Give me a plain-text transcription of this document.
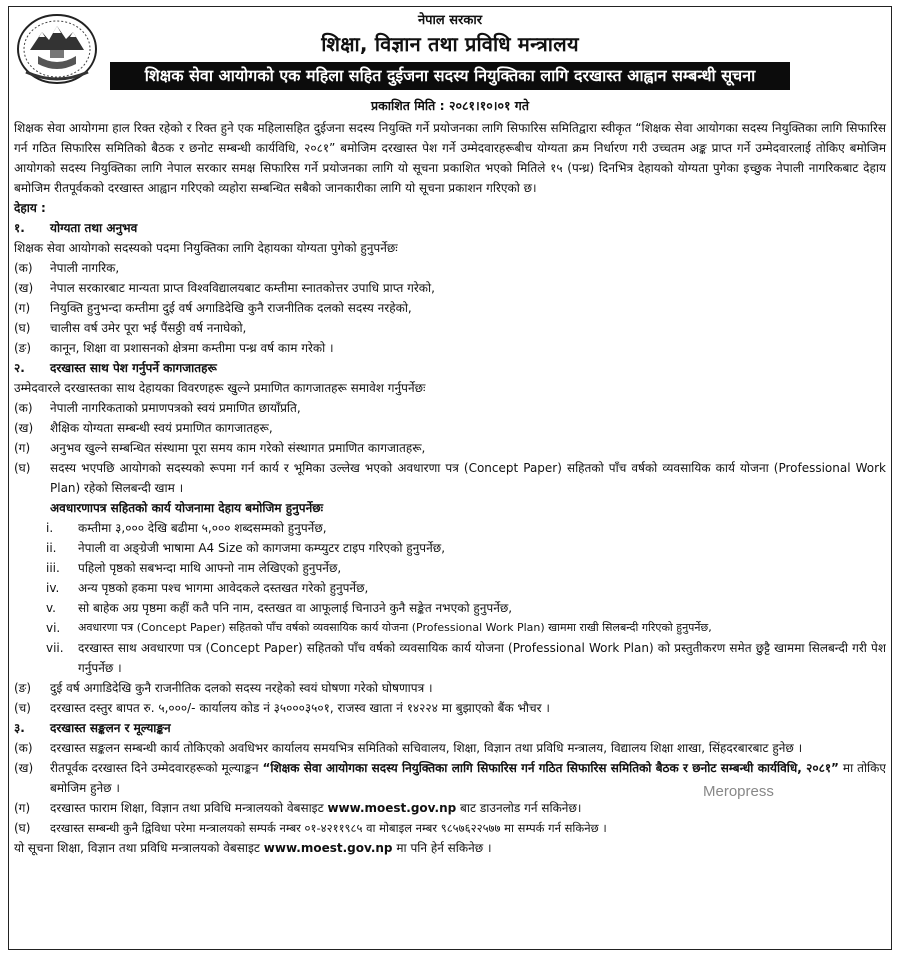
नेपाल सरकार
शिक्षा, विज्ञान तथा प्रविधि मन्त्रालय
शिक्षक सेवा आयोगको एक महिला सहित दुईजना सदस्य नियुक्तिका लागि दरखास्त आह्वान सम्बन्धी सूचना
प्रकाशित मिति : २०८१।१०।०१ गते
शिक्षक सेवा आयोगमा हाल रिक्त रहेको र रिक्त हुने एक महिलासहित दुईजना सदस्य नियुक्ति गर्ने प्रयोजनका लागि सिफारिस समितिद्वारा स्वीकृत “शिक्षक सेवा आयोगका सदस्य नियुक्तिका लागि सिफारिस गर्न गठित सिफारिस समितिको बैठक र छनोट सम्बन्धी कार्यविधि, २०८१” बमोजिम दरखास्त पेश गर्ने उम्मेदवारहरूबीच योग्यता क्रम निर्धारण गरी उच्चतम अङ्क प्राप्त गर्ने उम्मेदवारलाई तोकिए बमोजिम आयोगको सदस्य नियुक्तिका लागि नेपाल सरकार समक्ष सिफारिस गर्ने प्रयोजनका लागि यो सूचना प्रकाशित भएको मितिले १५ (पन्ध्र) दिनभित्र देहायको योग्यता पुगेका इच्छुक नेपाली नागरिकबाट देहाय बमोजिम रीतपूर्वकको दरखास्त आह्वान गरिएको व्यहोरा सम्बन्धित सबैको जानकारीका लागि यो सूचना प्रकाशन गरिएको छ।
देहाय :
१.	योग्यता तथा अनुभव
शिक्षक सेवा आयोगको सदस्यको पदमा नियुक्तिका लागि देहायका योग्यता पुगेको हुनुपर्नेछः
(क)	नेपाली नागरिक,
(ख)	नेपाल सरकारबाट मान्यता प्राप्त विश्वविद्यालयबाट कम्तीमा स्नातकोत्तर उपाधि प्राप्त गरेको,
(ग)	नियुक्ति हुनुभन्दा कम्तीमा दुई वर्ष अगाडिदेखि कुनै राजनीतिक दलको सदस्य नरहेको,
(घ)	चालीस वर्ष उमेर पूरा भई पैंसठ्ठी वर्ष ननाघेको,
(ङ)	कानून, शिक्षा वा प्रशासनको क्षेत्रमा कम्तीमा पन्ध्र वर्ष काम गरेको ।
२.	दरखास्त साथ पेश गर्नुपर्ने कागजातहरू
उम्मेदवारले दरखास्तका साथ देहायका विवरणहरू खुल्ने प्रमाणित कागजातहरू समावेश गर्नुपर्नेछः
(क)	नेपाली नागरिकताको प्रमाणपत्रको स्वयं प्रमाणित छायाँप्रति,
(ख)	शैक्षिक योग्यता सम्बन्धी स्वयं प्रमाणित कागजातहरू,
(ग)	अनुभव खुल्ने सम्बन्धित संस्थामा पूरा समय काम गरेको संस्थागत प्रमाणित कागजातहरू,
(घ)	सदस्य भएपछि आयोगको सदस्यको रूपमा गर्न कार्य र भूमिका उल्लेख भएको अवधारणा पत्र (Concept Paper) सहितको पाँच वर्षको व्यवसायिक कार्य योजना (Professional Work Plan) रहेको सिलबन्दी खाम ।
अवधारणापत्र सहितको कार्य योजनामा देहाय बमोजिम हुनुपर्नेछः
i.	कम्तीमा ३,००० देखि बढीमा ५,००० शब्दसम्मको हुनुपर्नेछ,
ii.	नेपाली वा अङ्ग्रेजी भाषामा A4 Size को कागजमा कम्प्युटर टाइप गरिएको हुनुपर्नेछ,
iii.	पहिलो पृष्ठको सबभन्दा माथि आफ्नो नाम लेखिएको हुनुपर्नेछ,
iv.	अन्य पृष्ठको हकमा पश्च भागमा आवेदकले दस्तखत गरेको हुनुपर्नेछ,
v.	सो बाहेक अग्र पृष्ठमा कहीं कतै पनि नाम, दस्तखत वा आफूलाई चिनाउने कुनै सङ्केत नभएको हुनुपर्नेछ,
vi.	अवधारणा पत्र (Concept Paper) सहितको पाँच वर्षको व्यवसायिक कार्य योजना (Professional Work Plan) खाममा राखी सिलबन्दी गरिएको हुनुपर्नेछ,
vii.	दरखास्त साथ अवधारणा पत्र (Concept Paper) सहितको पाँच वर्षको व्यवसायिक कार्य योजना (Professional Work Plan) को प्रस्तुतीकरण समेत छुट्टै खाममा सिलबन्दी गरी पेश गर्नुपर्नेछ ।
(ङ)	दुई वर्ष अगाडिदेखि कुनै राजनीतिक दलको सदस्य नरहेको स्वयं घोषणा गरेको घोषणापत्र ।
(च)	दरखास्त दस्तुर बापत रु. ५,०००/- कार्यालय कोड नं ३५०००३५०१, राजस्व खाता नं १४२२४ मा बुझाएको बैंक भौचर ।
३.	दरखास्त सङ्कलन र मूल्याङ्कन
(क)	दरखास्त सङ्कलन सम्बन्धी कार्य तोकिएको अवधिभर कार्यालय समयभित्र समितिको सचिवालय, शिक्षा, विज्ञान तथा प्रविधि मन्त्रालय, विद्यालय शिक्षा शाखा, सिंहदरबारबाट हुनेछ ।
(ख)	रीतपूर्वक दरखास्त दिने उम्मेदवारहरूको मूल्याङ्कन “शिक्षक सेवा आयोगका सदस्य नियुक्तिका लागि सिफारिस गर्न गठित सिफारिस समितिको बैठक र छनोट सम्बन्धी कार्यविधि, २०८१” मा तोकिए बमोजिम हुनेछ ।
(ग)	दरखास्त फाराम शिक्षा, विज्ञान तथा प्रविधि मन्त्रालयको वेबसाइट www.moest.gov.np बाट डाउनलोड गर्न सकिनेछ।
(घ)	दरखास्त सम्बन्धी कुनै द्विविधा परेमा मन्त्रालयको सम्पर्क नम्बर ०१-४२११९८५ वा मोबाइल नम्बर ९८५७६२२५७७ मा सम्पर्क गर्न सकिनेछ ।
यो सूचना शिक्षा, विज्ञान तथा प्रविधि मन्त्रालयको वेबसाइट
www.moest.gov.np
मा पनि हेर्न सकिनेछ ।
Meropress
